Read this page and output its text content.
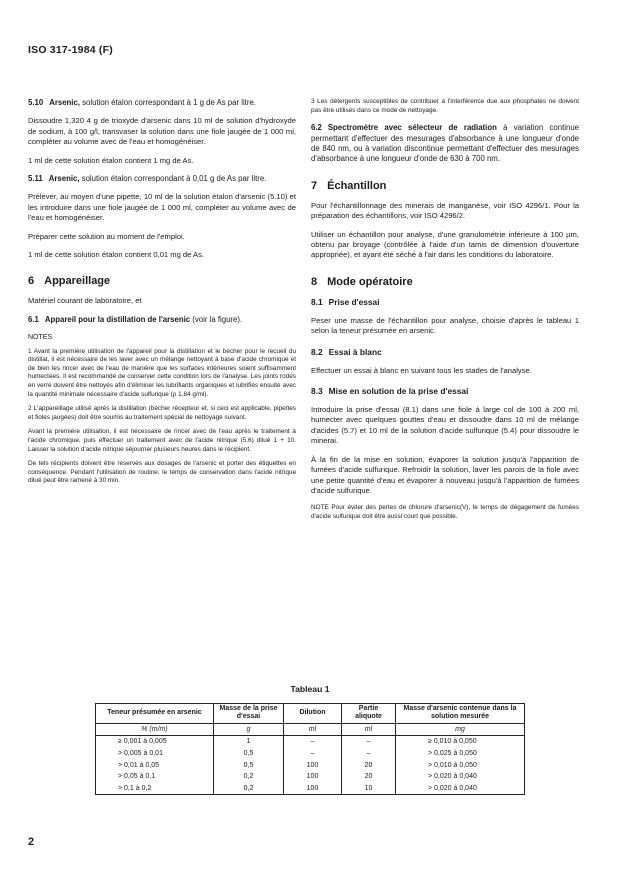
ISO 317-1984 (F)
5.10 Arsenic, solution étalon correspondant à 1 g de As par litre.

Dissoudre 1,320 4 g de trioxyde d'arsenic dans 10 ml de solution d'hydroxyde de sodium, à 100 g/l, transvaser la solution dans une fiole jaugée de 1 000 ml, compléter au volume avec de l'eau et homogénéiser.

1 ml de cette solution étalon contient 1 mg de As.

5.11 Arsenic, solution étalon correspondant à 0,01 g de As par litre.

Prélever, au moyen d'une pipette, 10 ml de la solution étalon d'arsenic (5.10) et les introduire dans une fiole jaugée de 1 000 ml, compléter au volume avec de l'eau et homogénéiser.

Préparer cette solution au moment de l'emploi.

1 ml de cette solution étalon contient 0,01 mg de As.

6 Appareillage

Matériel courant de laboratoire, et

6.1 Appareil pour la distillation de l'arsenic (voir la figure).
NOTES
1 Avant la première utilisation de l'appareil pour la distillation et le bécher pour le recueil du distillat, il est nécessaire de les laver avec un mélange nettoyant à base d'acide chromique et de bien les rincer avec de l'eau de manière que les surfaces intérieures soient suffisamment humectées. Il est recommandé de conserver cette condition lors de l'analyse. Les joints rodés en verre doivent être nettoyés afin d'éliminer les lubrifiants organiques et lubrifiés ensuite avec la quantité minimale nécessaire d'acide sulfurique (ρ 1,84 g/ml).
2 L'appareillage utilisé après la distillation (bécher récepteur et, si ceci est applicable, pipettes et fioles jaugées) doit être soumis au traitement spécial de nettoyage suivant.
Avant la première utilisation, il est nécessaire de rincer avec de l'eau après le traitement à l'acide chromique, puis effectuer un traitement avec de l'acide nitrique (5.6) dilué 1 + 10. Laisser la solution d'acide nitrique séjourner plusieurs heures dans le récipient.
De tels récipients doivent être réservés aux dosages de l'arsenic et porter des étiquettes en conséquence. Pendant l'utilisation de routine, le temps de conservation dans l'acide nitrique dilué peut être ramené à 30 min.
3 Les détergents susceptibles de contribuer à l'interférence due aux phosphates ne doivent pas être utilisés dans ce mode de nettoyage.
6.2 Spectromètre avec sélecteur de radiation à variation continue permettant d'effectuer des mesurages d'absorbance à une longueur d'onde de 840 nm, ou à variation discontinue permettant d'effectuer des mesurages d'absorbance à une longueur d'onde de 630 à 700 nm.
7 Échantillon

Pour l'échantillonnage des minerais de manganèse, voir ISO 4296/1. Pour la préparation des échantillons, voir ISO 4296/2.

Utiliser un échantillon pour analyse, d'une granulométrie inférieure à 100 µm, obtenu par broyage (contrôlée à l'aide d'un tamis de dimension d'ouverture appropriée), et ayant été séché à l'air dans les conditions du laboratoire.

8 Mode opératoire
8.1 Prise d'essai

Peser une masse de l'échantillon pour analyse, choisie d'après le tableau 1 selon la teneur présumée en arsenic.

8.2 Essai à blanc

Effectuer un essai à blanc en suivant tous les stades de l'analyse.

8.3 Mise en solution de la prise d'essai

Introduire la prise d'essai (8.1) dans une fiole à large col de 100 à 200 ml, humecter avec quelques gouttes d'eau et dissoudre dans 10 ml de mélange d'acides (5.7) et 10 ml de la solution d'acide sulfurique (5.4) pour dissoudre le minerai.

À la fin de la mise en solution, évaporer la solution jusqu'à l'apparition de fumées d'acide sulfurique. Refroidir la solution, laver les parois de la fiole avec une petite quantité d'eau et évaporer à nouveau jusqu'à l'apparition de fumées d'acide sulfurique.

NOTE Pour éviter des pertes de chlorure d'arsenic(V), le temps de dégagement de fumées d'acide sulfurique doit être aussi court que possible.
Tableau 1
Teneur présumée en arsenic	Masse de la prise d'essai	Dilution	Partie aliquote	Masse d'arsenic contenue dans la solution mesurée
% (m/m)	g	ml	ml	mg
≥ 0,001 à 0,005	1	–	–	≥ 0,010 à 0,050
> 0,005 à 0,01	0,5	–	–	> 0,025 à 0,050
> 0,01 à 0,05	0,5	100	20	> 0,010 à 0,050
> 0,05 à 0,1	0,2	100	20	> 0,020 à 0,040
> 0,1 à 0,2	0,2	100	10	> 0,020 à 0,040
2
